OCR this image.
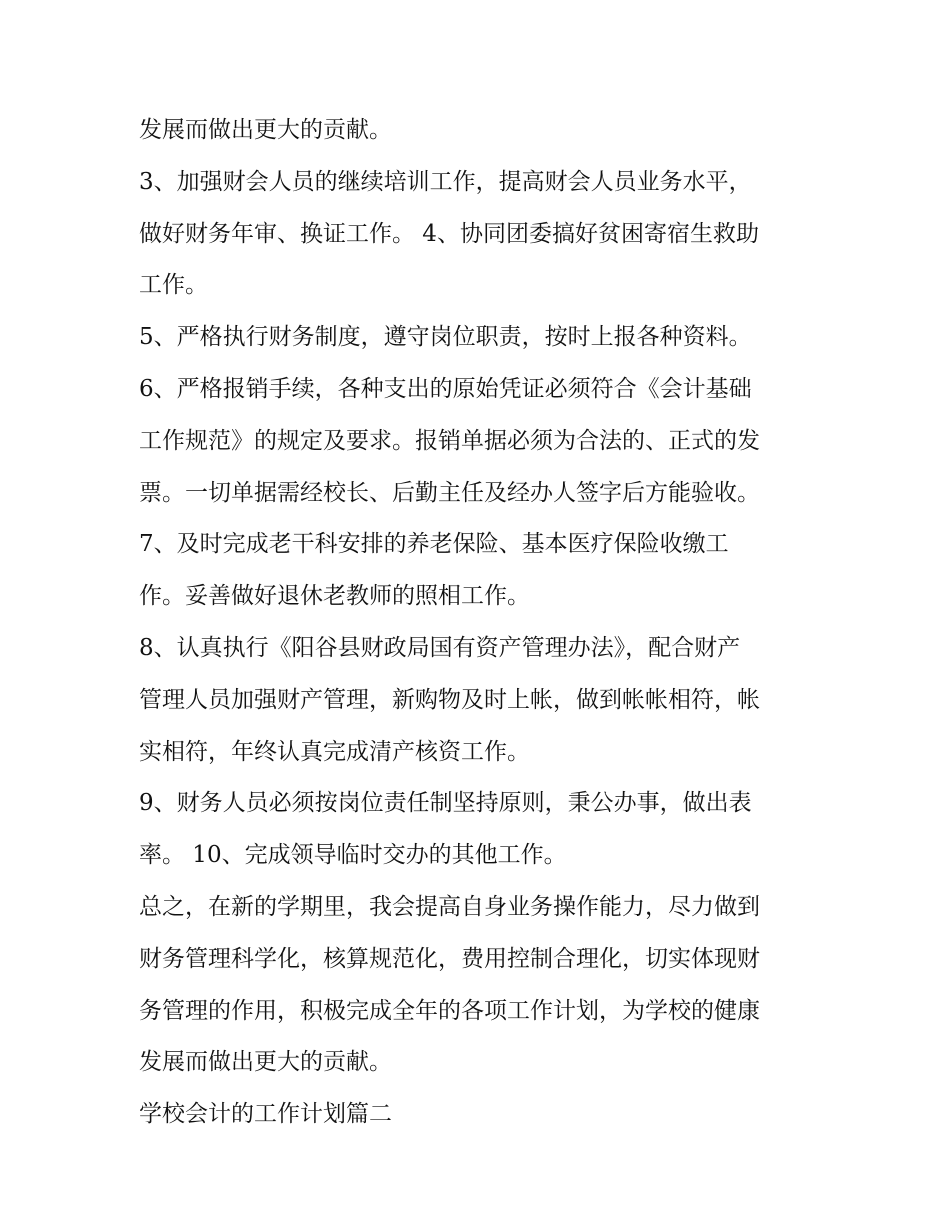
发展而做出更大的贡献。
3、加强财会人员的继续培训工作，提高财会人员业务水平，
做好财务年审、换证工作。 4、协同团委搞好贫困寄宿生救助
工作。
5、严格执行财务制度，遵守岗位职责，按时上报各种资料。
6、严格报销手续，各种支出的原始凭证必须符合《会计基础
工作规范》的规定及要求。报销单据必须为合法的、正式的发
票。一切单据需经校长、后勤主任及经办人签字后方能验收。
7、及时完成老干科安排的养老保险、基本医疗保险收缴工
作。妥善做好退休老教师的照相工作。
8、认真执行《阳谷县财政局国有资产管理办法》，配合财产
管理人员加强财产管理，新购物及时上帐，做到帐帐相符，帐
实相符，年终认真完成清产核资工作。
9、财务人员必须按岗位责任制坚持原则，秉公办事，做出表
率。 10、完成领导临时交办的其他工作。
总之，在新的学期里，我会提高自身业务操作能力，尽力做到
财务管理科学化，核算规范化，费用控制合理化，切实体现财
务管理的作用，积极完成全年的各项工作计划，为学校的健康
发展而做出更大的贡献。
学校会计的工作计划篇二
